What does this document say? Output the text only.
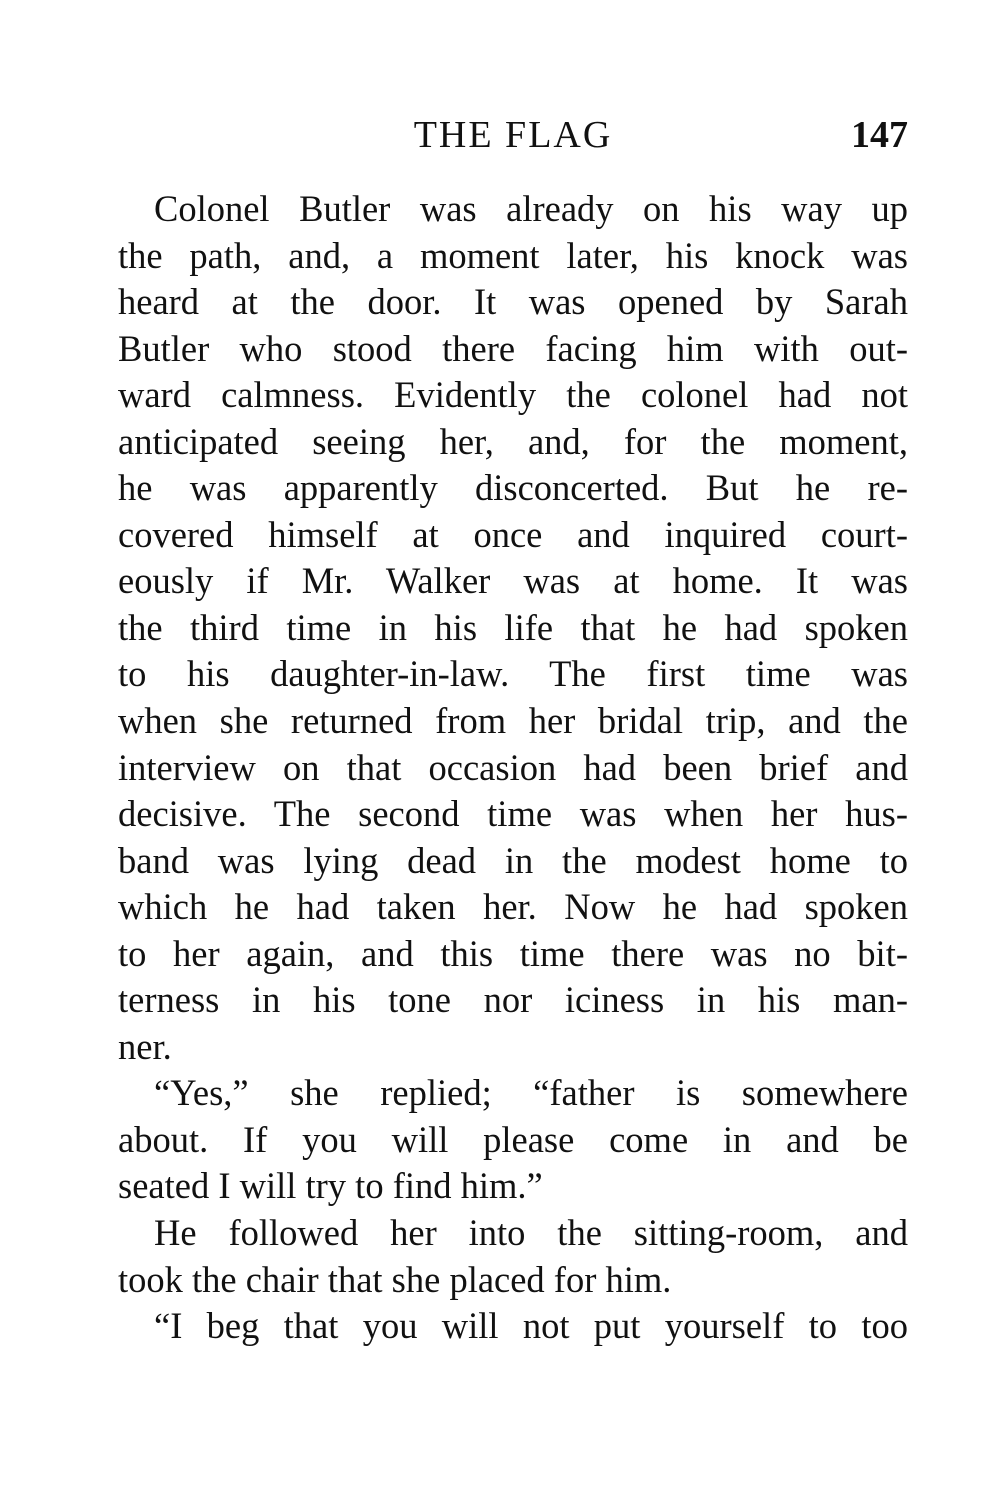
THE FLAG	147
Colonel Butler was already on his way up
the path, and, a moment later, his knock was
heard at the door. It was opened by Sarah
Butler who stood there facing him with out-
ward calmness. Evidently the colonel had not
anticipated seeing her, and, for the moment,
he was apparently disconcerted. But he re-
covered himself at once and inquired court-
eously if Mr. Walker was at home. It was
the third time in his life that he had spoken
to his daughter-in-law. The first time was
when she returned from her bridal trip, and the
interview on that occasion had been brief and
decisive. The second time was when her hus-
band was lying dead in the modest home to
which he had taken her. Now he had spoken
to her again, and this time there was no bit-
terness in his tone nor iciness in his man-
ner.
“Yes,” she replied; “father is somewhere
about. If you will please come in and be
seated I will try to find him.”
He followed her into the sitting-room, and
took the chair that she placed for him.
“I beg that you will not put yourself to too
